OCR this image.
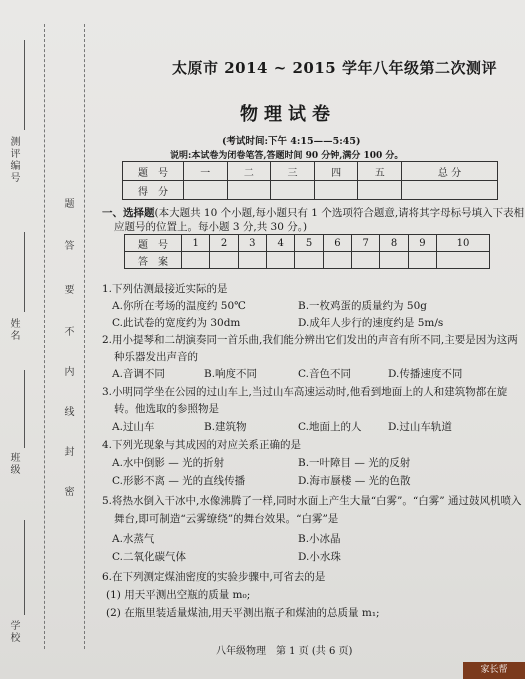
测评编号
姓名
班级
学校
题
答
要
不
内
线
封
密
太原市 2014 ~ 2015 学年八年级第二次测评
物理试卷
(考试时间:下午 4:15——5:45)
说明:本试卷为闭卷笔答,答题时间 90 分钟,满分 100 分。
题　号	一	二	三	四	五	总 分
得　分						
一、选择题(本大题共 10 个小题,每小题只有 1 个选项符合题意,请将其字母标号填入下表相
应题号的位置上。每小题 3 分,共 30 分。)
题　号	1	2	3	4	5	6	7	8	9	10
答　案										
1.下列估测最接近实际的是
A.你所在考场的温度约 50℃	B.一枚鸡蛋的质量约为 50g
C.此试卷的宽度约为 30dm	D.成年人步行的速度约是 5m/s
2.用小提琴和二胡演奏同一首乐曲,我们能分辨出它们发出的声音有所不同,主要是因为这两
种乐器发出声音的
A.音调不同	B.响度不同	C.音色不同	D.传播速度不同
3.小明同学坐在公园的过山车上,当过山车高速运动时,他看到地面上的人和建筑物都在旋
转。他选取的参照物是
A.过山车	B.建筑物	C.地面上的人	D.过山车轨道
4.下列光现象与其成因的对应关系正确的是
A.水中倒影 — 光的折射	B.一叶障目 — 光的反射
C.形影不离 — 光的直线传播	D.海市蜃楼 — 光的色散
5.将热水倒入干冰中,水像沸腾了一样,同时水面上产生大量“白雾”。“白雾” 通过鼓风机喷入
舞台,即可制造“云雾缭绕”的舞台效果。“白雾”是
A.水蒸气	B.小冰晶
C.二氧化碳气体	D.小水珠
6.在下列测定煤油密度的实验步骤中,可省去的是
(1) 用天平测出空瓶的质量 m₀;
(2) 在瓶里装适量煤油,用天平测出瓶子和煤油的总质量 m₁;
八年级物理　第 1 页 (共 6 页)
家长帮
